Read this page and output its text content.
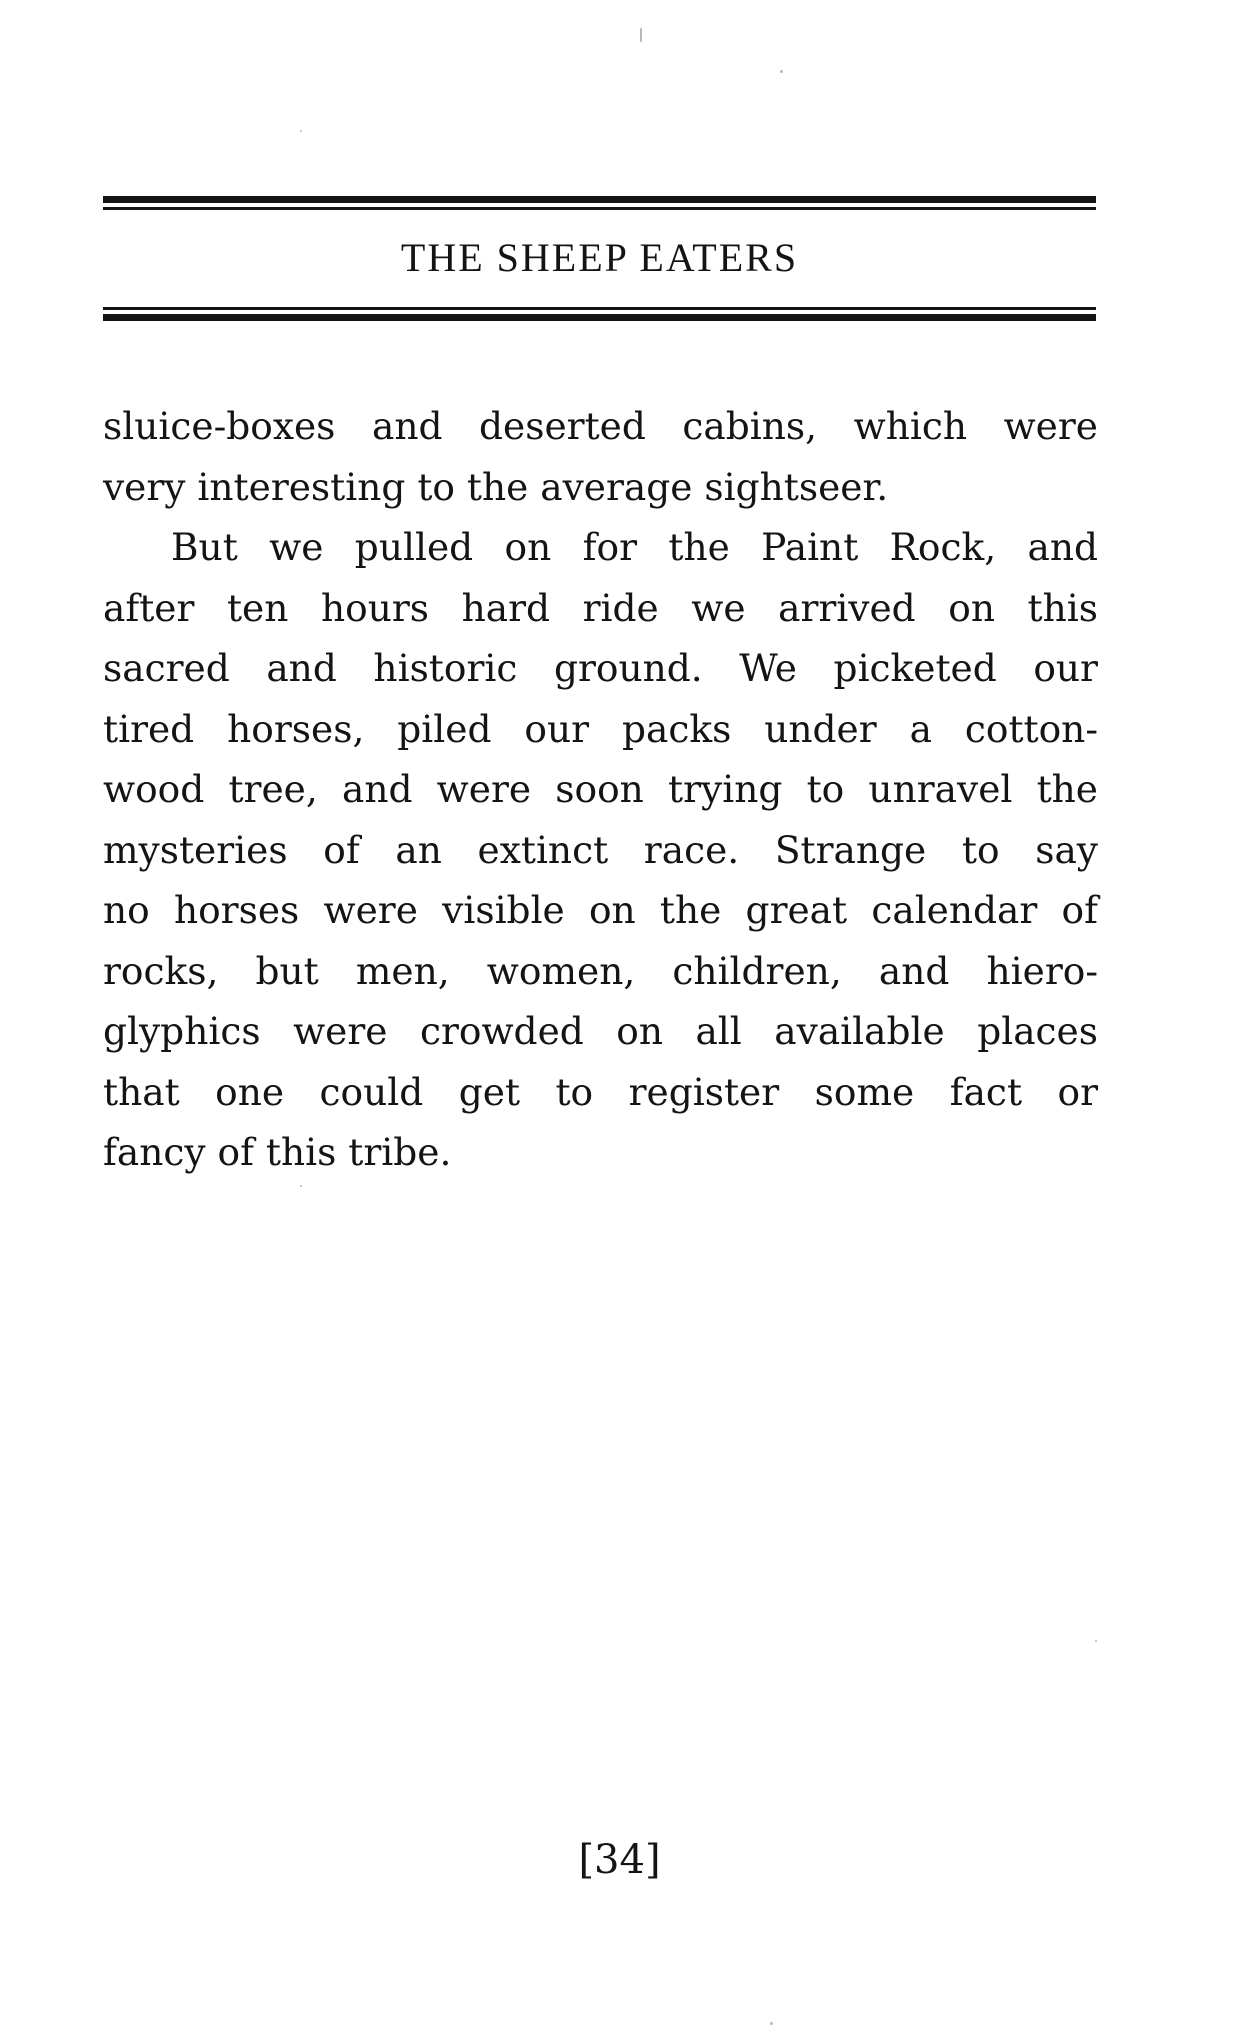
THE SHEEP EATERS
sluice-boxes and deserted cabins, which were
very interesting to the average sightseer.
But we pulled on for the Paint Rock, and
after ten hours hard ride we arrived on this
sacred and historic ground. We picketed our
tired horses, piled our packs under a cotton-
wood tree, and were soon trying to unravel the
mysteries of an extinct race. Strange to say
no horses were visible on the great calendar of
rocks, but men, women, children, and hiero-
glyphics were crowded on all available places
that one could get to register some fact or
fancy of this tribe.
[34]
